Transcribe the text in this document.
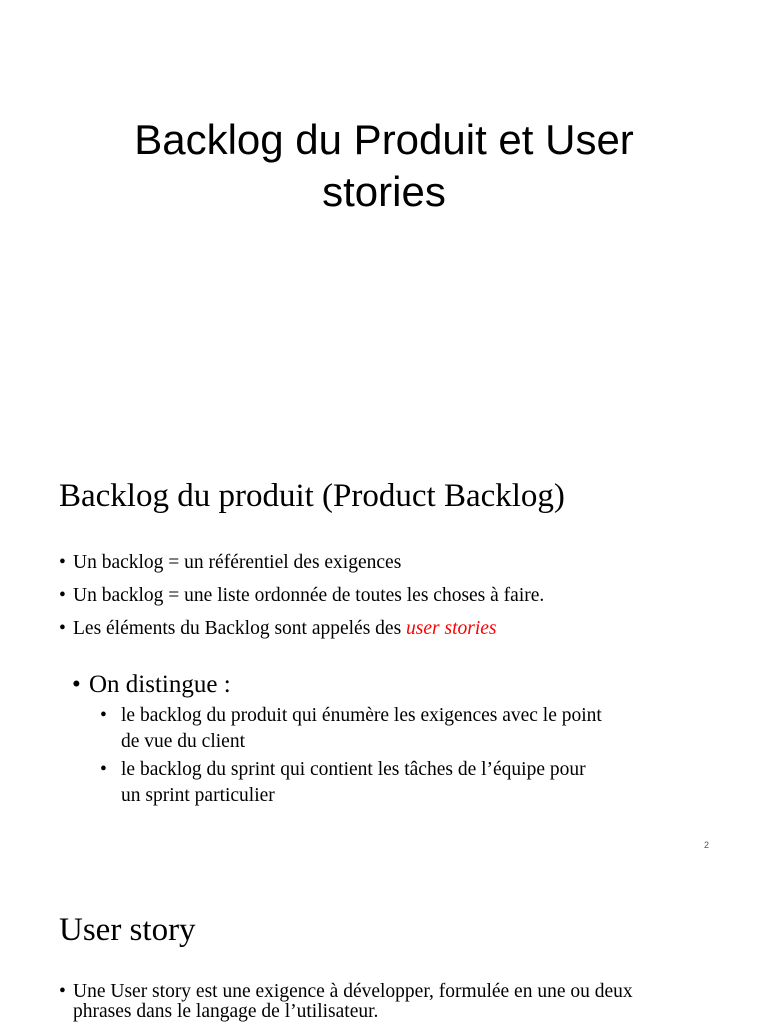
Backlog du Produit et User
stories
Backlog du produit (Product Backlog)
• Un backlog = un référentiel des exigences
• Un backlog = une liste ordonnée de toutes les choses à faire.
• Les éléments du Backlog sont appelés des user stories
• On distingue :
• le backlog du produit qui énumère les exigences avec le point
de vue du client
• le backlog du sprint qui contient les tâches de l’équipe pour
un sprint particulier
2
User story
• Une User story est une exigence à développer, formulée en une ou deux
phrases dans le langage de l’utilisateur.
